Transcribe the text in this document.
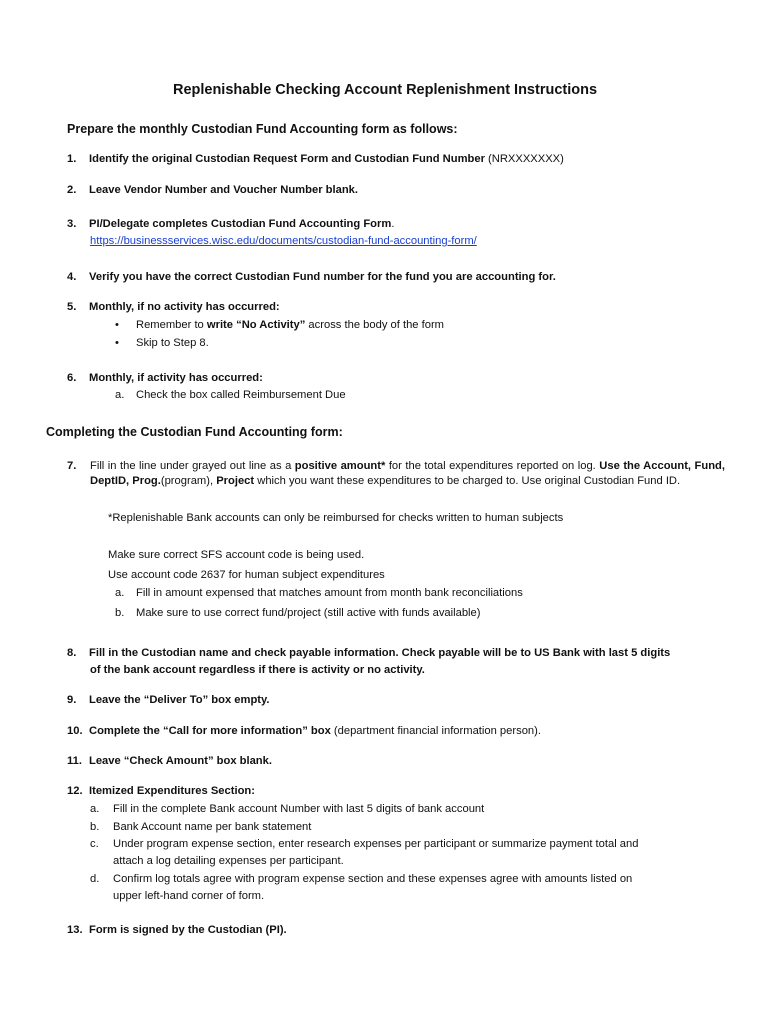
Replenishable Checking Account Replenishment Instructions
Prepare the monthly Custodian Fund Accounting form as follows:
1. Identify the original Custodian Request Form and Custodian Fund Number (NRXXXXXXX)
2. Leave Vendor Number and Voucher Number blank.
3. PI/Delegate completes Custodian Fund Accounting Form.
https://businessservices.wisc.edu/documents/custodian-fund-accounting-form/
4. Verify you have the correct Custodian Fund number for the fund you are accounting for.
5. Monthly, if no activity has occurred:
• Remember to write “No Activity” across the body of the form
• Skip to Step 8.
6. Monthly, if activity has occurred:
a. Check the box called Reimbursement Due
Completing the Custodian Fund Accounting form:
7. Fill in the line under grayed out line as a positive amount* for the total expenditures reported on log. Use the Account, Fund, DeptID, Prog.(program), Project which you want these expenditures to be charged to. Use original Custodian Fund ID.
*Replenishable Bank accounts can only be reimbursed for checks written to human subjects
Make sure correct SFS account code is being used.
Use account code 2637 for human subject expenditures
a. Fill in amount expensed that matches amount from month bank reconciliations
b. Make sure to use correct fund/project (still active with funds available)
8. Fill in the Custodian name and check payable information. Check payable will be to US Bank with last 5 digits
of the bank account regardless if there is activity or no activity.
9. Leave the “Deliver To” box empty.
10. Complete the “Call for more information” box (department financial information person).
11. Leave “Check Amount” box blank.
12. Itemized Expenditures Section:
a. Fill in the complete Bank account Number with last 5 digits of bank account
b. Bank Account name per bank statement
c. Under program expense section, enter research expenses per participant or summarize payment total and
attach a log detailing expenses per participant.
d. Confirm log totals agree with program expense section and these expenses agree with amounts listed on
upper left-hand corner of form.
13. Form is signed by the Custodian (PI).
